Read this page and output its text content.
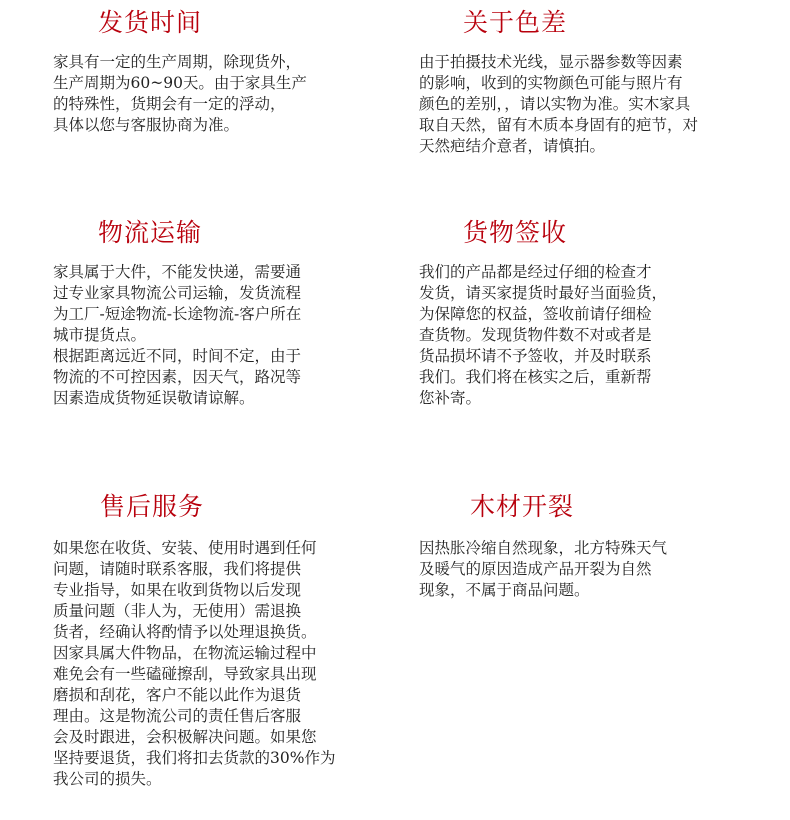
发货时间
家具有一定的生产周期，除现货外，
生产周期为60~90天。由于家具生产
的特殊性，货期会有一定的浮动，
具体以您与客服协商为准。
关于色差
由于拍摄技术光线，显示器参数等因素
的影响，收到的实物颜色可能与照片有
颜色的差别，，请以实物为准。实木家具
取自天然，留有木质本身固有的疤节，对
天然疤结介意者，请慎拍。
物流运输
家具属于大件，不能发快递，需要通
过专业家具物流公司运输，发货流程
为工厂-短途物流-长途物流-客户所在
城市提货点。
根据距离远近不同，时间不定，由于
物流的不可控因素，因天气，路况等
因素造成货物延误敬请谅解。
货物签收
我们的产品都是经过仔细的检查才
发货，请买家提货时最好当面验货，
为保障您的权益，签收前请仔细检
查货物。发现货物件数不对或者是
货品损坏请不予签收，并及时联系
我们。我们将在核实之后，重新帮
您补寄。
售后服务
如果您在收货、安装、使用时遇到任何
问题，请随时联系客服，我们将提供
专业指导，如果在收到货物以后发现
质量问题（非人为，无使用）需退换
货者，经确认将酌情予以处理退换货。
因家具属大件物品，在物流运输过程中
难免会有一些磕碰擦刮，导致家具出现
磨损和刮花，客户不能以此作为退货
理由。这是物流公司的责任售后客服
会及时跟进，会积极解决问题。如果您
坚持要退货，我们将扣去货款的30%作为
我公司的损失。
木材开裂
因热胀冷缩自然现象，北方特殊天气
及暖气的原因造成产品开裂为自然
现象，不属于商品问题。
